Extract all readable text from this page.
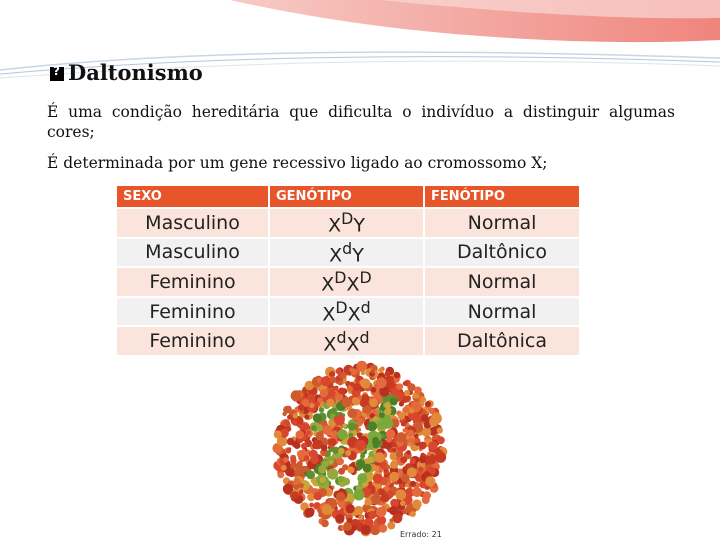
?Daltonismo
É uma condição hereditária que dificulta o indivíduo a distinguir algumas cores;
É determinada por um gene recessivo ligado ao cromossomo X;
SEXO	GENÓTIPO	FENÓTIPO
Masculino	$X^DY$	Normal
Masculino	$X^dY$	Daltônico
Feminino	$X^DX^D$	Normal
Feminino	$X^DX^d$	Normal
Feminino	$X^dX^d$	Daltônica
Errado: 21
